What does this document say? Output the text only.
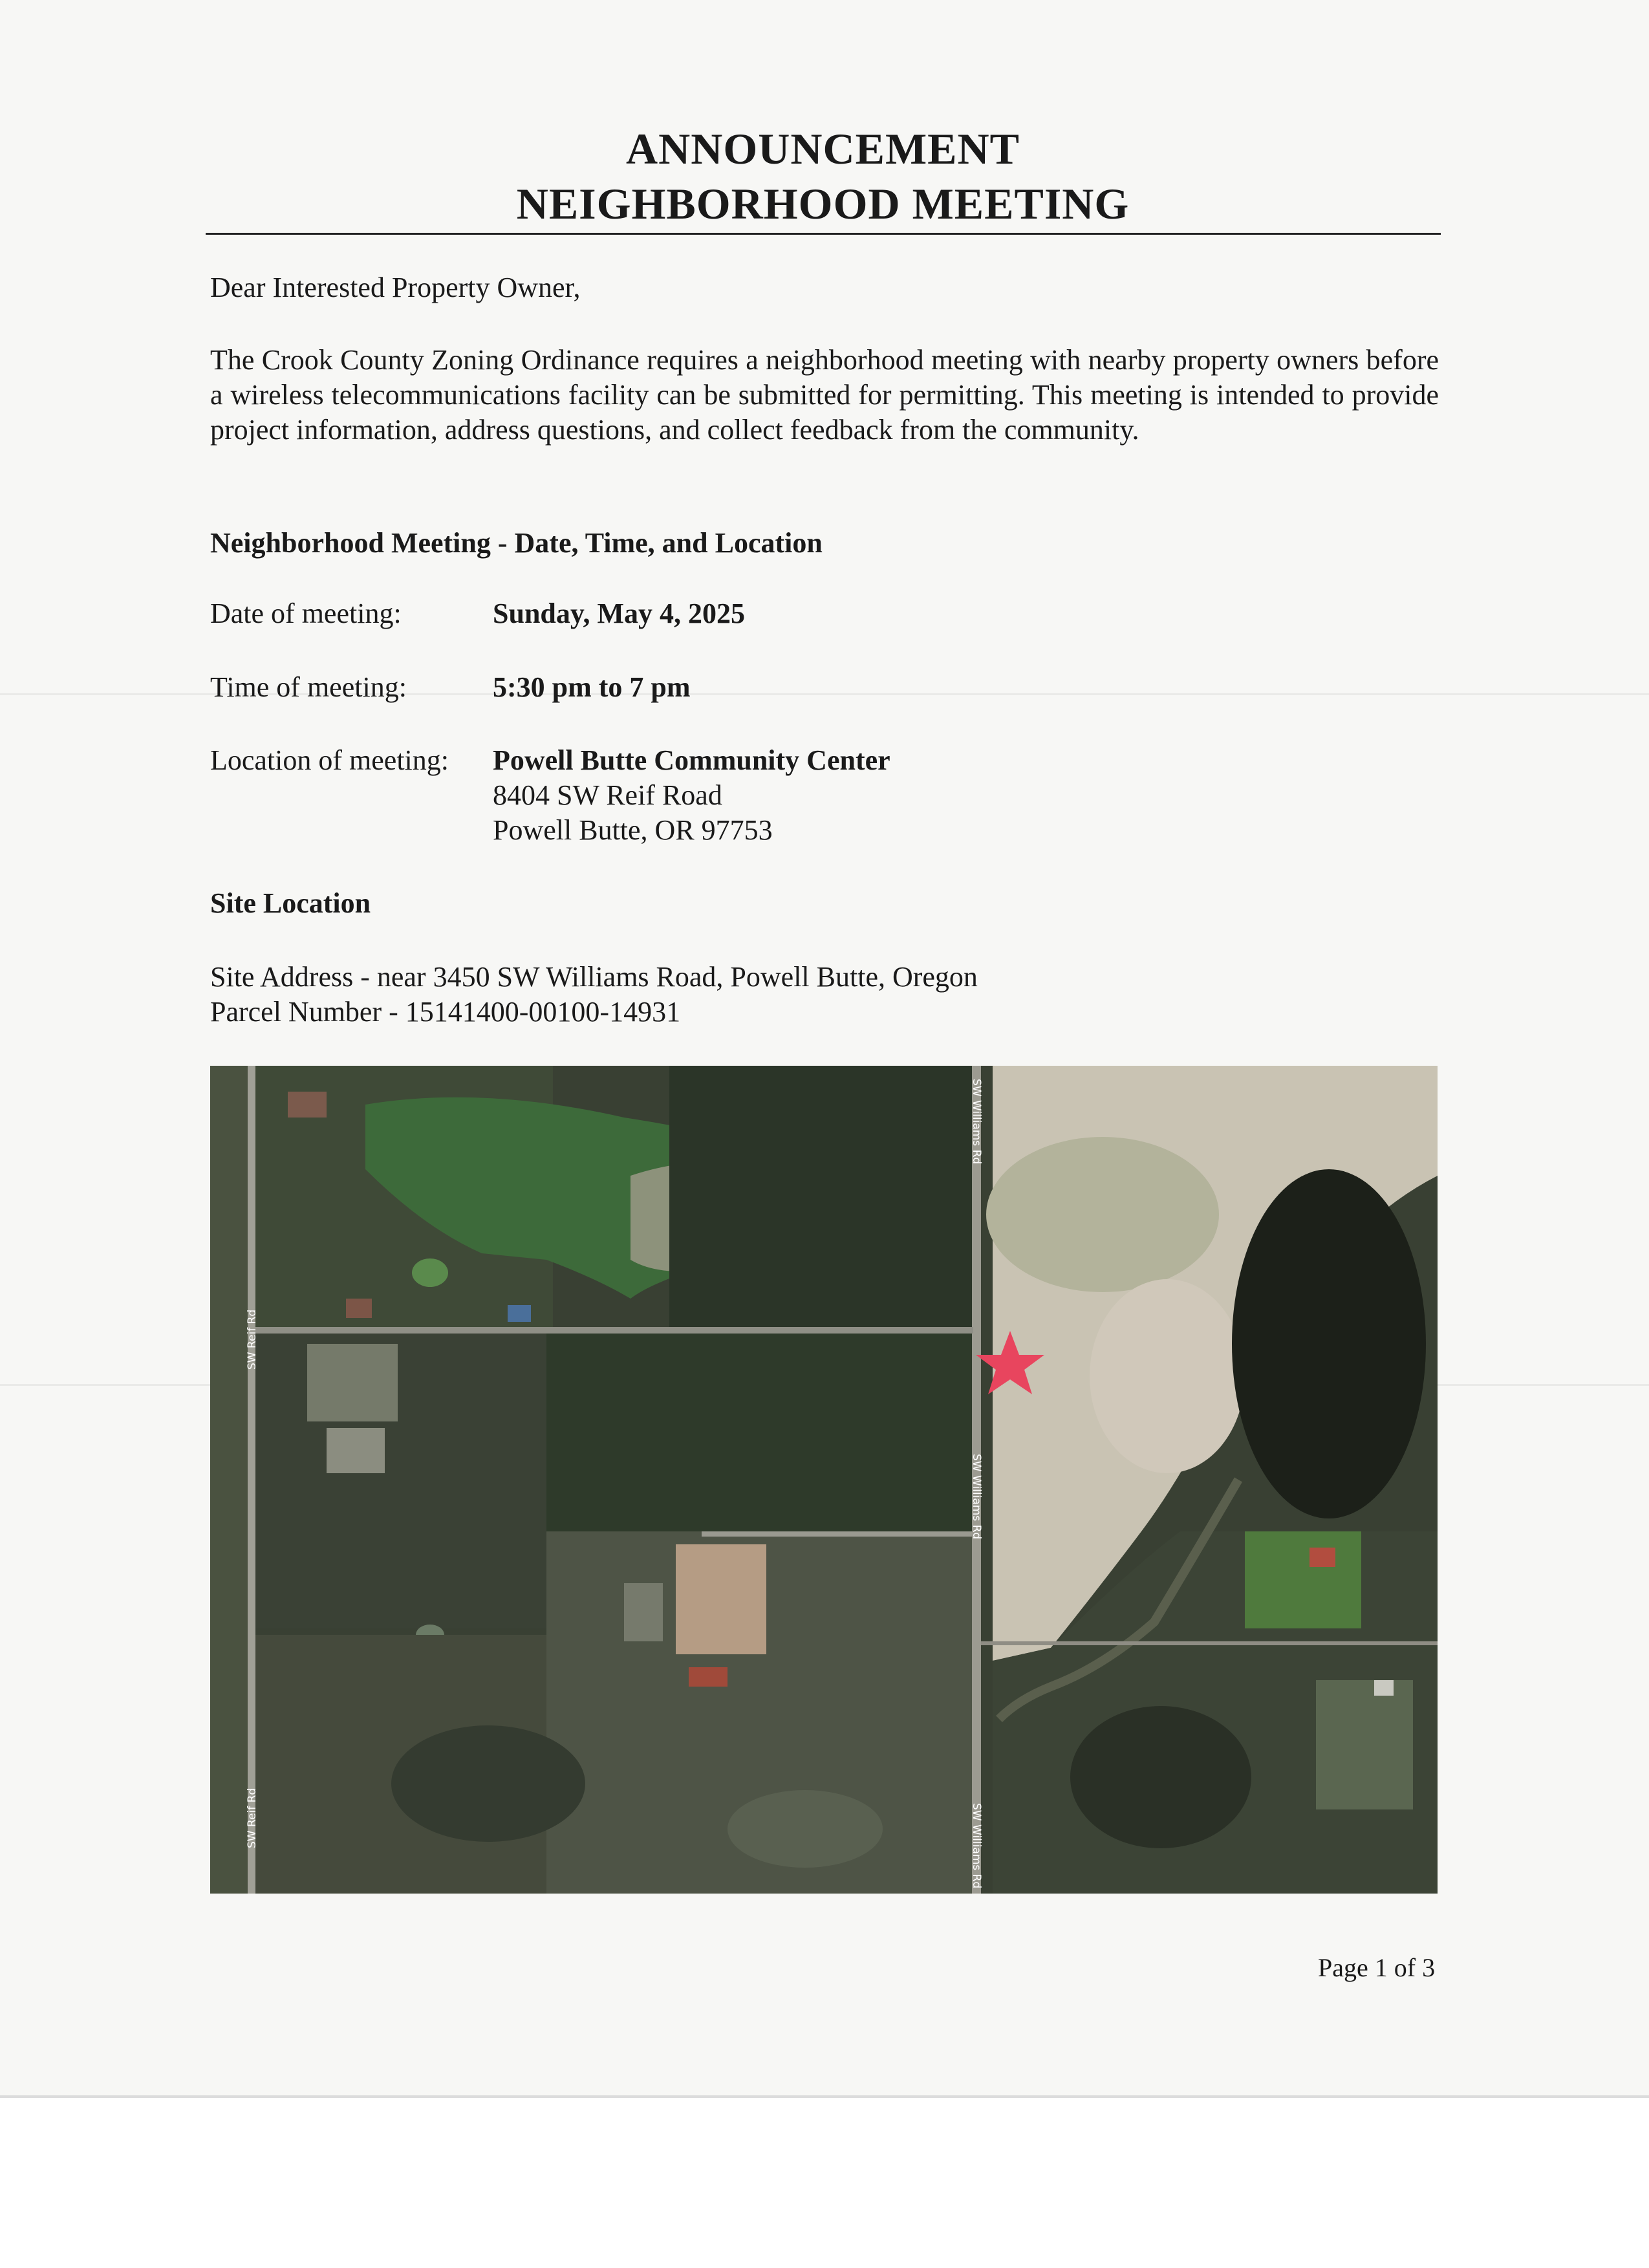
ANNOUNCEMENT
NEIGHBORHOOD MEETING
Dear Interested Property Owner,
The Crook County Zoning Ordinance requires a neighborhood meeting with nearby property owners before a wireless telecommunications facility can be submitted for permitting. This meeting is intended to provide project information, address questions, and collect feedback from the community.
Neighborhood Meeting - Date, Time, and Location
Date of meeting:	Sunday, May 4, 2025
Time of meeting:	5:30 pm to 7 pm
Location of meeting: Powell Butte Community Center
8404 SW Reif Road
Powell Butte, OR 97753
Site Location
Site Address - near 3450 SW Williams Road, Powell Butte, Oregon
Parcel Number - 15141400-00100-14931
SW Williams Rd
SW Williams Rd
SW Williams Rd
SW Reif Rd
SW Reif Rd
Page 1 of 3
